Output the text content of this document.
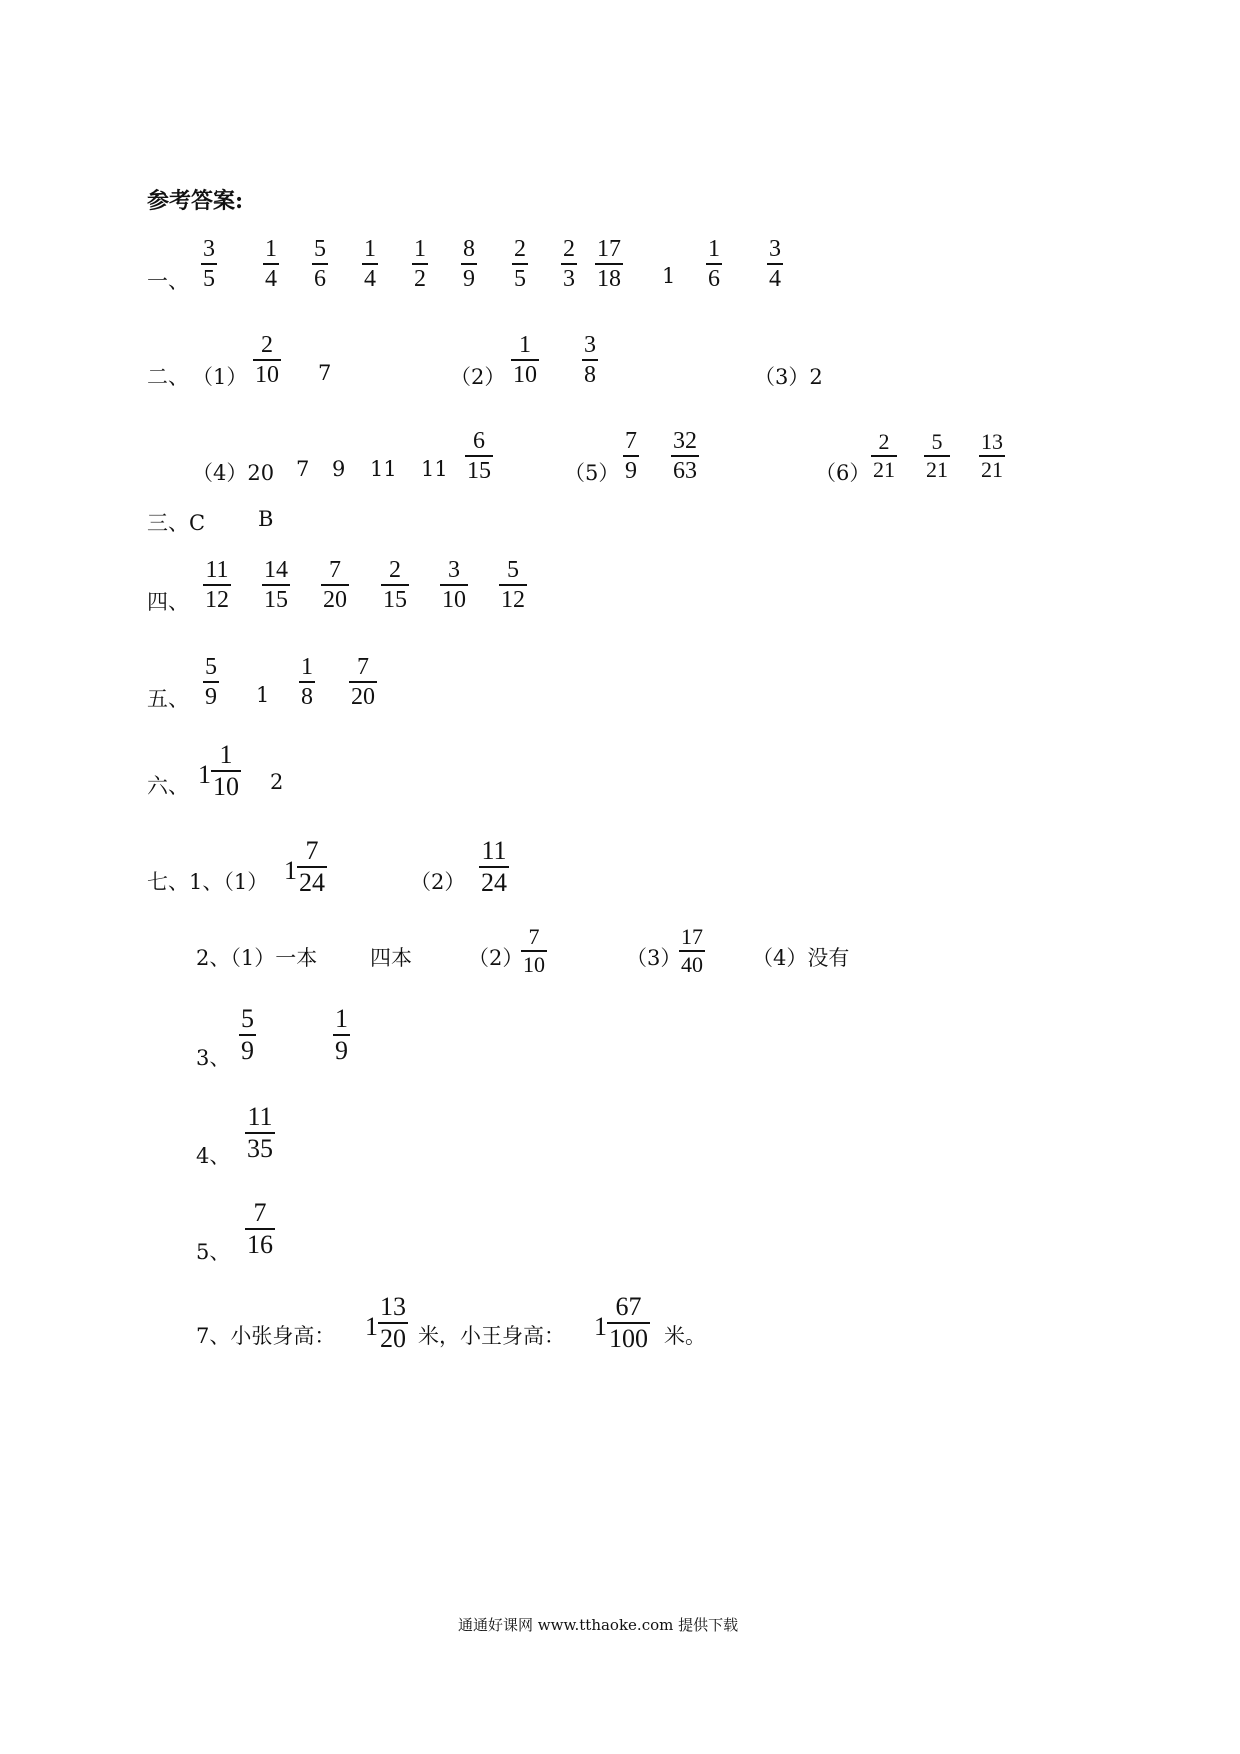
参考答案:
一、 $\frac{3}{5} \frac{1}{4} \frac{5}{6} \frac{1}{4} \frac{1}{2} \frac{8}{9} \frac{2}{5} \frac{2}{3} \frac{17}{18} 1 \frac{1}{6} \frac{3}{4}$
二、 $(1) \frac{2}{10} 7$	$(2) \frac{1}{10} \frac{3}{8}$	（3）2
（4）20 7 9 11 $11 \frac{6}{15}$	$(5) \frac{7}{9} \frac{32}{63}$	$(6) \frac{2}{21} \frac{5}{21} \frac{13}{21}$
三、C	B
四、 $\frac{11}{12} \frac{14}{15} \frac{7}{20} \frac{2}{15} \frac{3}{10} \frac{5}{12}$
五、 $\frac{5}{9} 1 \frac{1}{8} \frac{7}{20}$
六、 $1 \frac{1}{10} 2$
七、1、（1） $1 \frac{7}{24}$	$(2) \frac{11}{24}$
2、（1）一本	四本	（2）
$\frac{7}{10}$	（3）
$\frac{17}{40} (4)$没有
3、 $\frac{5}{9}$	$\frac{1}{9}$
4、 $\frac{11}{35}$
5、 $\frac{7}{16}$
7、小张身高： $1 \frac{13}{20}$ 米，小王身高： $1 \frac{67}{100}$ 米。
通通好课网 www.tthaoke.com 提供下载
